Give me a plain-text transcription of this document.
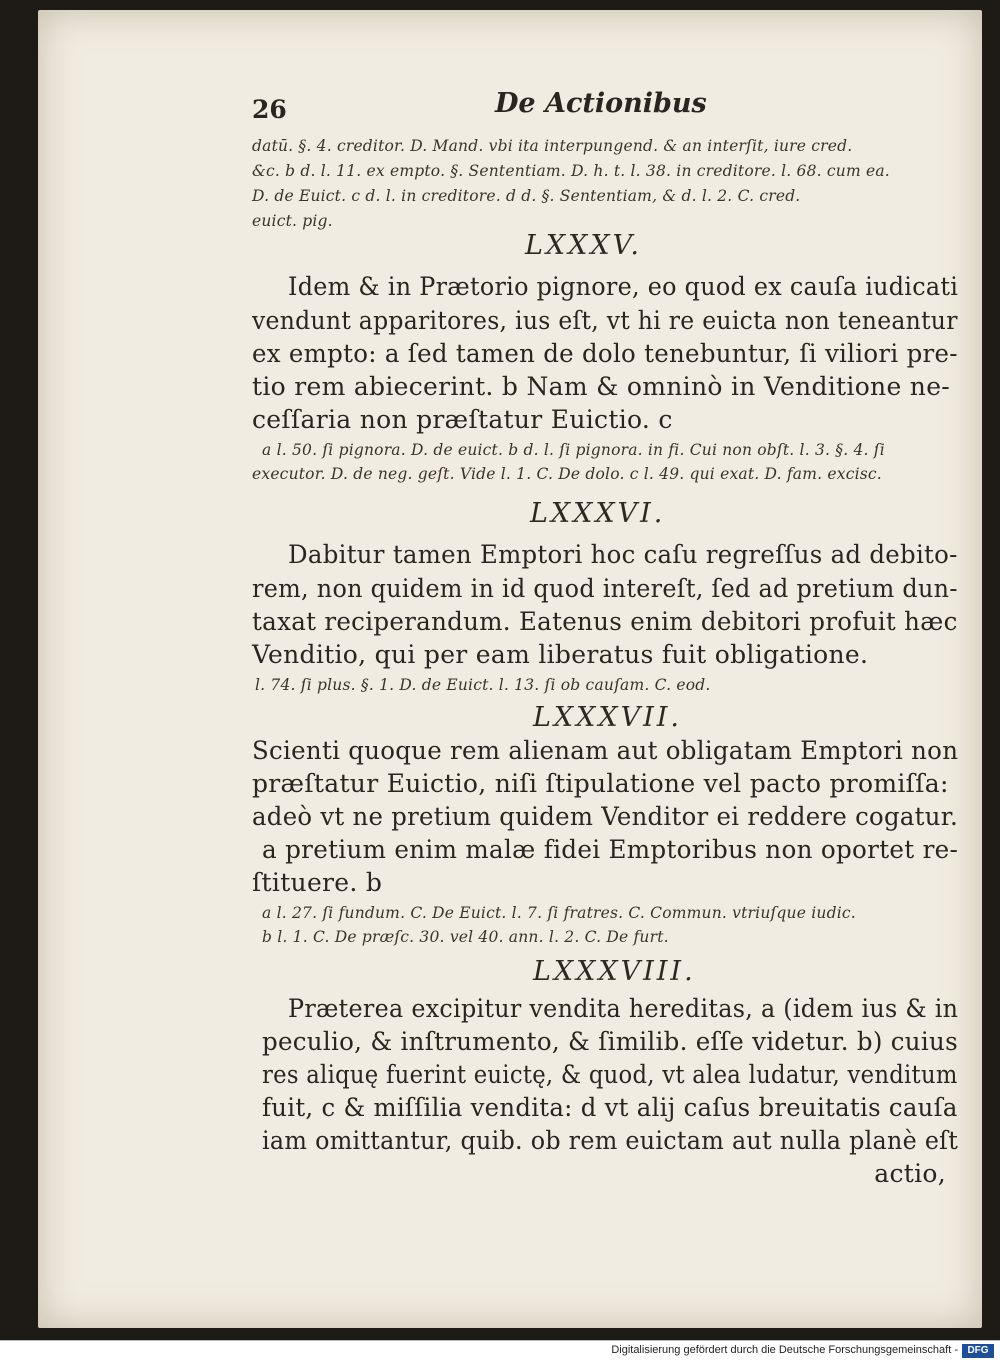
26	De Actionibus
datū. §. 4. creditor. D. Mand. vbi ita interpungend. & an interſit, iure cred.
&c. b d. l. 11. ex empto. §. Sententiam. D. h. t. l. 38. in creditore. l. 68. cum ea.
D. de Euict. c d. l. in creditore. d d. §. Sententiam, & d. l. 2. C. cred.
euict. pig.
LXXXV.
Idem & in Prætorio pignore, eo quod ex cauſa iudicati
vendunt apparitores, ius eſt, vt hi re euicta non teneantur
ex empto: a ſed tamen de dolo tenebuntur, ſi viliori pre-
tio rem abiecerint. b Nam & omninò in Venditione ne-
ceſſaria non præſtatur Euictio. c
a l. 50. ſi pignora. D. de euict. b d. l. ſi pignora. in fi. Cui non obſt. l. 3. §. 4. ſi
executor. D. de neg. geſt. Vide l. 1. C. De dolo. c l. 49. qui exat. D. fam. excisc.
LXXXVI.
Dabitur tamen Emptori hoc caſu regreſſus ad debito-
rem, non quidem in id quod intereſt, ſed ad pretium dun-
taxat reciperandum. Eatenus enim debitori profuit hæc
Venditio, qui per eam liberatus fuit obligatione.
l. 74. ſi plus. §. 1. D. de Euict. l. 13. ſi ob cauſam. C. eod.
LXXXVII.
Scienti quoque rem alienam aut obligatam Emptori non
præſtatur Euictio, niſi ſtipulatione vel pacto promiſſa:
adeò vt ne pretium quidem Venditor ei reddere cogatur.
a pretium enim malæ fidei Emptoribus non oportet re-
ſtituere. b
a l. 27. ſi fundum. C. De Euict. l. 7. ſi fratres. C. Commun. vtriuſque iudic.
b l. 1. C. De præſc. 30. vel 40. ann. l. 2. C. De furt.
LXXXVIII.
Præterea excipitur vendita hereditas, a (idem ius & in
peculio, & inſtrumento, & ſimilib. eſſe videtur. b) cuius
res aliquę fuerint euictę, & quod, vt alea ludatur, venditum
fuit, c & miſſilia vendita: d vt alij caſus breuitatis cauſa
iam omittantur, quib. ob rem euictam aut nulla planè eſt
actio,
Digitalisierung gefördert durch die Deutsche Forschungsgemeinschaft - DFG
